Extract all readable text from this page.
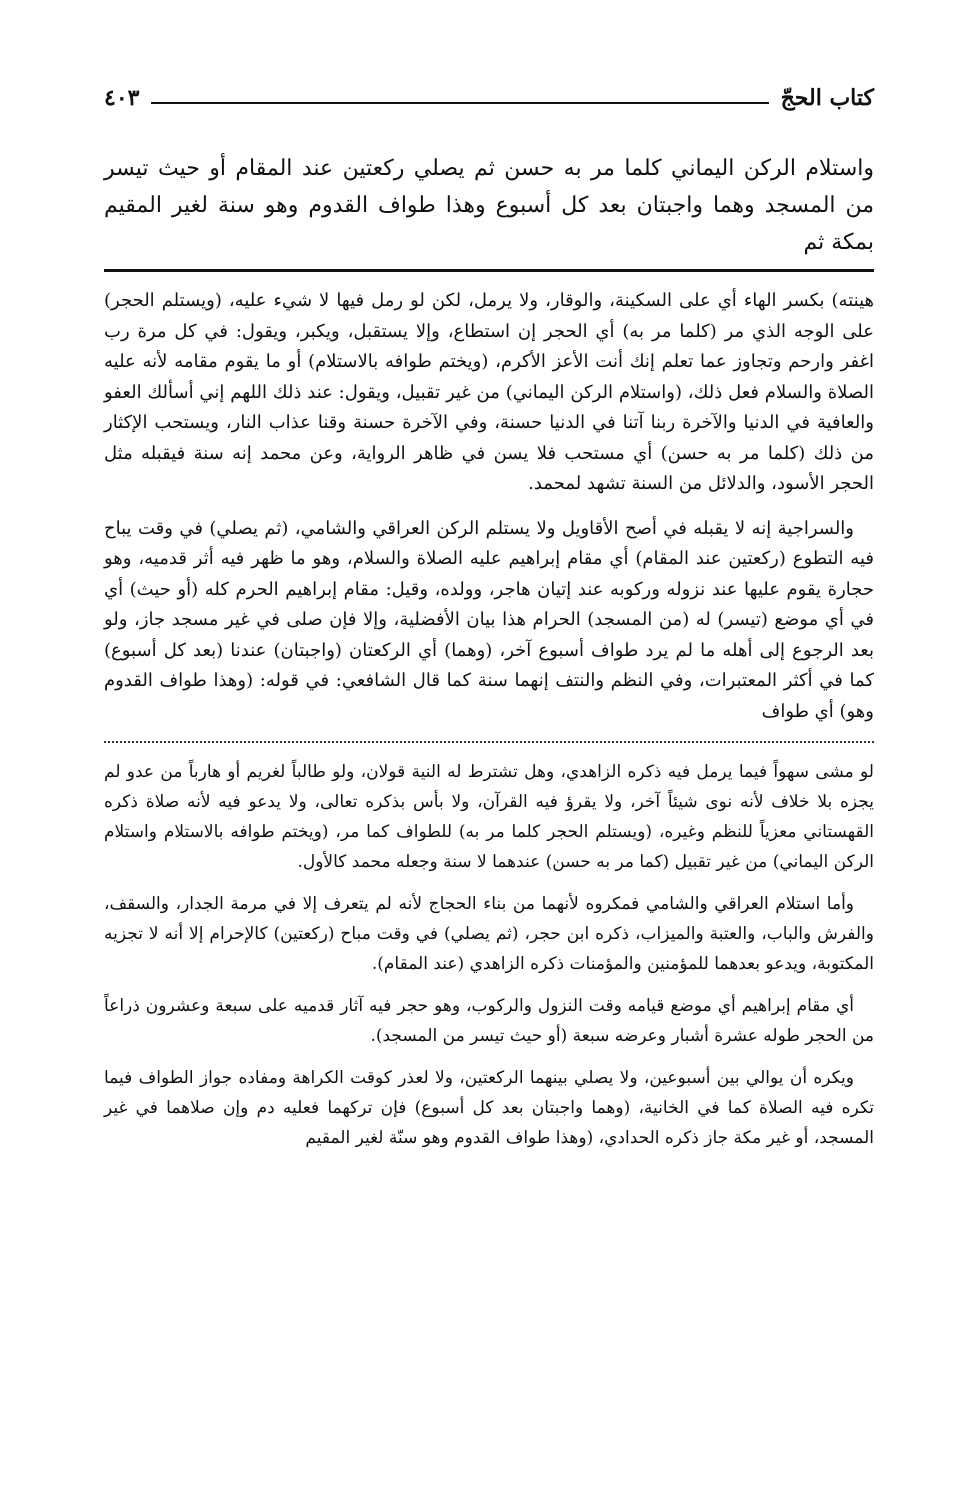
كتاب الحجّ
٤٠٣
واستلام الركن اليماني كلما مر به حسن ثم يصلي ركعتين عند المقام أو حيث تيسر من المسجد وهما واجبتان بعد كل أسبوع وهذا طواف القدوم وهو سنة لغير المقيم بمكة ثم

هينته) بكسر الهاء أي على السكينة، والوقار، ولا يرمل، لكن لو رمل فيها لا شيء عليه، (ويستلم الحجر) على الوجه الذي مر (كلما مر به) أي الحجر إن استطاع، وإلا يستقبل، ويكبر، ويقول: في كل مرة رب اغفر وارحم وتجاوز عما تعلم إنك أنت الأعز الأكرم، (ويختم طوافه بالاستلام) أو ما يقوم مقامه لأنه عليه الصلاة والسلام فعل ذلك، (واستلام الركن اليماني) من غير تقبيل، ويقول: عند ذلك اللهم إني أسألك العفو والعافية في الدنيا والآخرة ربنا آتنا في الدنيا حسنة، وفي الآخرة حسنة وقنا عذاب النار، ويستحب الإكثار من ذلك (كلما مر به حسن) أي مستحب فلا يسن في ظاهر الرواية، وعن محمد إنه سنة فيقبله مثل الحجر الأسود، والدلائل من السنة تشهد لمحمد.

والسراجية إنه لا يقبله في أصح الأقاويل ولا يستلم الركن العراقي والشامي، (ثم يصلي) في وقت يباح فيه التطوع (ركعتين عند المقام) أي مقام إبراهيم عليه الصلاة والسلام، وهو ما ظهر فيه أثر قدميه، وهو حجارة يقوم عليها عند نزوله وركوبه عند إتيان هاجر، وولده، وقيل: مقام إبراهيم الحرم كله (أو حيث) أي في أي موضع (تيسر) له (من المسجد) الحرام هذا بيان الأفضلية، وإلا فإن صلى في غير مسجد جاز، ولو بعد الرجوع إلى أهله ما لم يرد طواف أسبوع آخر، (وهما) أي الركعتان (واجبتان) عندنا (بعد كل أسبوع) كما في أكثر المعتبرات، وفي النظم والنتف إنهما سنة كما قال الشافعي: في قوله: (وهذا طواف القدوم وهو) أي طواف

لو مشى سهواً فيما يرمل فيه ذكره الزاهدي، وهل تشترط له النية قولان، ولو طالباً لغريم أو هارباً من عدو لم يجزه بلا خلاف لأنه نوى شيئاً آخر، ولا يقرؤ فيه القرآن، ولا بأس بذكره تعالى، ولا يدعو فيه لأنه صلاة ذكره القهستاني معزياً للنظم وغيره، (ويستلم الحجر كلما مر به) للطواف كما مر، (ويختم طوافه بالاستلام واستلام الركن اليماني) من غير تقبيل (كما مر به حسن) عندهما لا سنة وجعله محمد كالأول.

وأما استلام العراقي والشامي فمكروه لأنهما من بناء الحجاج لأنه لم يتعرف إلا في مرمة الجدار، والسقف، والفرش والباب، والعتبة والميزاب، ذكره ابن حجر، (ثم يصلي) في وقت مباح (ركعتين) كالإحرام إلا أنه لا تجزيه المكتوبة، ويدعو بعدهما للمؤمنين والمؤمنات ذكره الزاهدي (عند المقام).

أي مقام إبراهيم أي موضع قيامه وقت النزول والركوب، وهو حجر فيه آثار قدميه على سبعة وعشرون ذراعاً من الحجر طوله عشرة أشبار وعرضه سبعة (أو حيث تيسر من المسجد).

ويكره أن يوالي بين أسبوعين، ولا يصلي بينهما الركعتين، ولا لعذر كوقت الكراهة ومفاده جواز الطواف فيما تكره فيه الصلاة كما في الخانية، (وهما واجبتان بعد كل أسبوع) فإن تركهما فعليه دم وإن صلاهما في غير المسجد، أو غير مكة جاز ذكره الحدادي، (وهذا طواف القدوم وهو سنّة لغير المقيم
